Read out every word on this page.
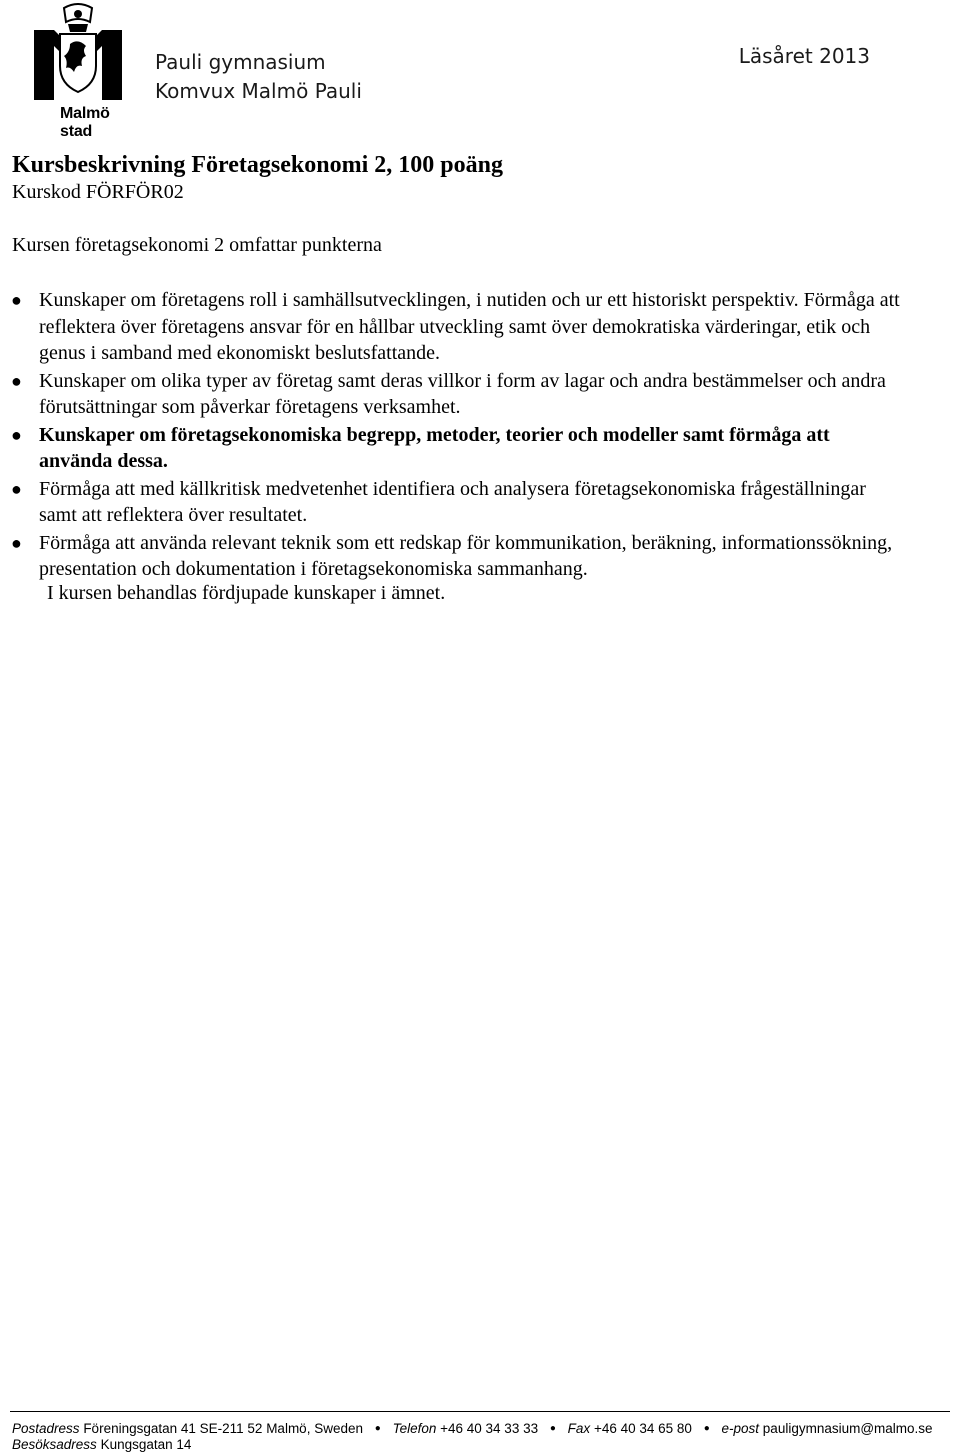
Malmö stad
Pauli gymnasium
Komvux Malmö Pauli
Läsåret 2013
Kursbeskrivning Företagsekonomi 2, 100 poäng
Kurskod FÖRFÖR02
Kursen företagsekonomi 2 omfattar punkterna
● Kunskaper om företagens roll i samhällsutvecklingen, i nutiden och ur ett historiskt perspektiv. Förmåga att reflektera över företagens ansvar för en hållbar utveckling samt över demokratiska värderingar, etik och genus i samband med ekonomiskt beslutsfattande.
● Kunskaper om olika typer av företag samt deras villkor i form av lagar och andra bestämmelser och andra förutsättningar som påverkar företagens verksamhet.
● Kunskaper om företagsekonomiska begrepp, metoder, teorier och modeller samt förmåga att använda dessa.
● Förmåga att med källkritisk medvetenhet identifiera och analysera företagsekonomiska frågeställningar samt att reflektera över resultatet.
● Förmåga att använda relevant teknik som ett redskap för kommunikation, beräkning, informationssökning, presentation och dokumentation i företagsekonomiska sammanhang.
I kursen behandlas fördjupade kunskaper i ämnet.
Postadress Föreningsgatan 41 SE-211 52 Malmö, Sweden ● Telefon +46 40 34 33 33 ● Fax +46 40 34 65 80 ● e-post pauligymnasium@malmo.se
Besöksadress Kungsgatan 14
